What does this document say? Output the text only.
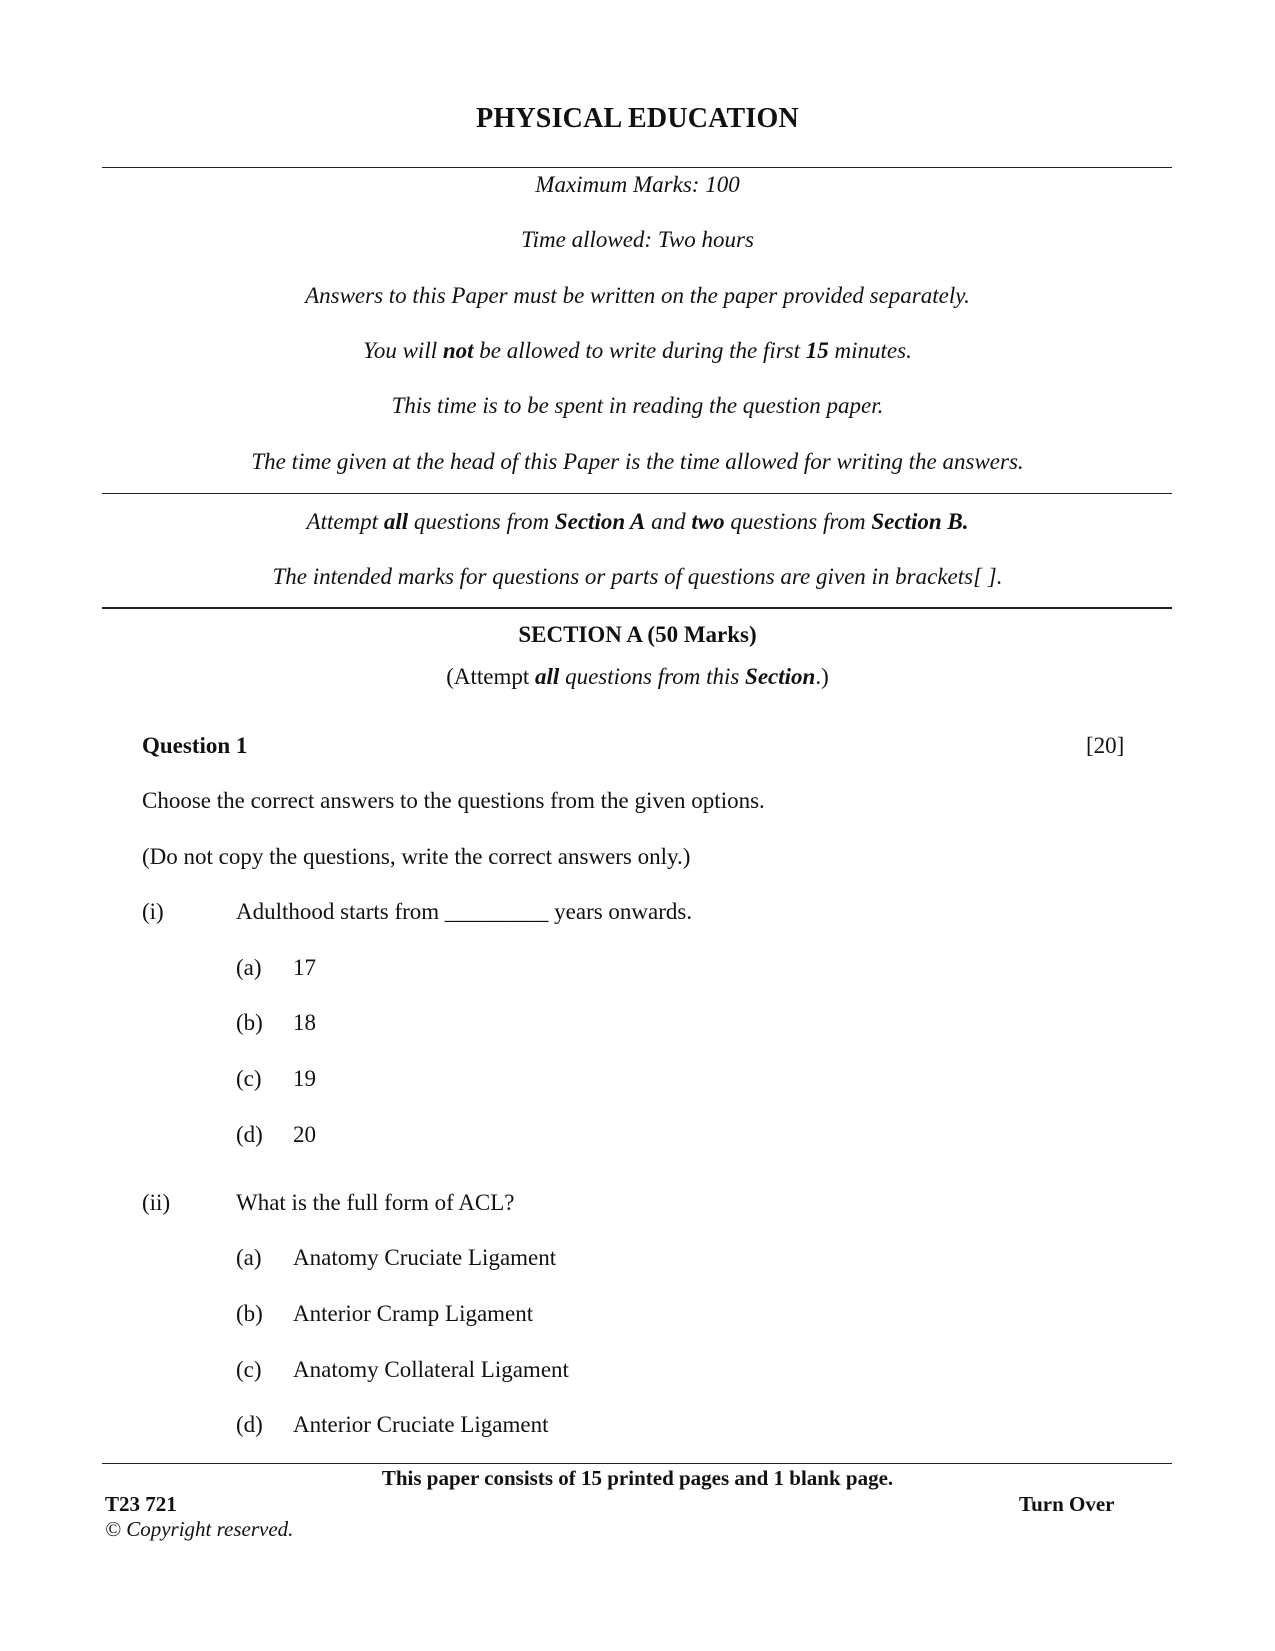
PHYSICAL EDUCATION
Maximum Marks: 100
Time allowed: Two hours
Answers to this Paper must be written on the paper provided separately.
You will not be allowed to write during the first 15 minutes.
This time is to be spent in reading the question paper.
The time given at the head of this Paper is the time allowed for writing the answers.
Attempt all questions from Section A and two questions from Section B.
The intended marks for questions or parts of questions are given in brackets[ ].
SECTION A (50 Marks)
(Attempt all questions from this Section.)
Question 1	[20]
Choose the correct answers to the questions from the given options.
(Do not copy the questions, write the correct answers only.)
(i)	Adulthood starts from _________ years onwards.
(a) 17
(b) 18
(c) 19
(d) 20
(ii)	What is the full form of ACL?
(a) Anatomy Cruciate Ligament
(b) Anterior Cramp Ligament
(c) Anatomy Collateral Ligament
(d) Anterior Cruciate Ligament
This paper consists of 15 printed pages and 1 blank page.
T23 721	Turn Over
© Copyright reserved.
